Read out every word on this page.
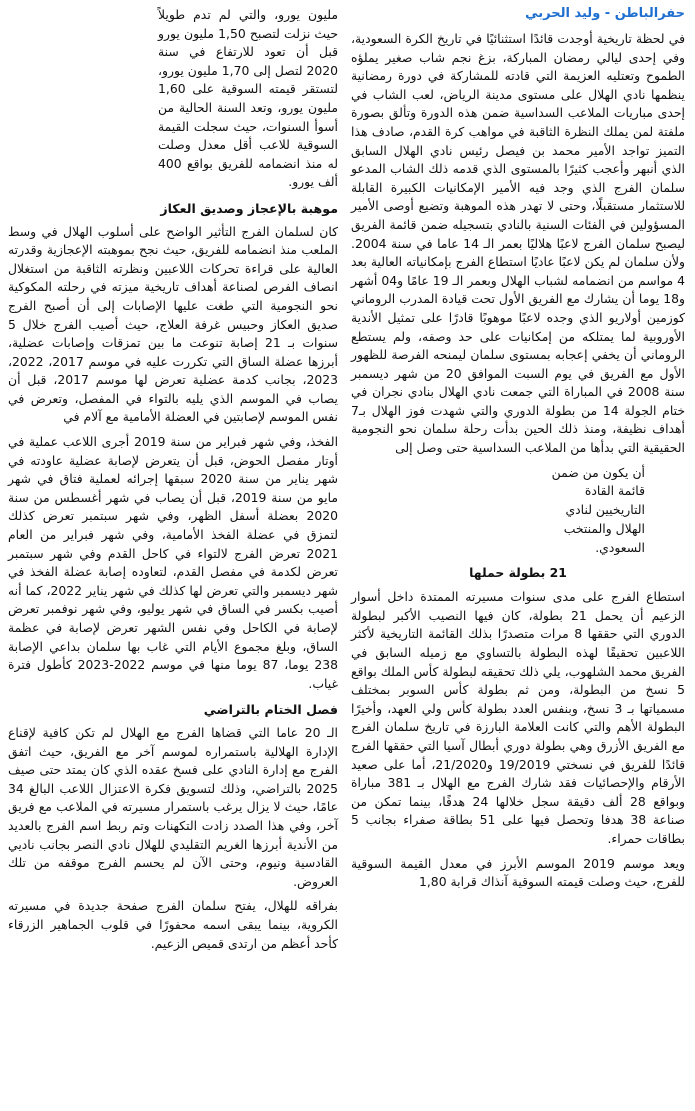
حفرالباطن - وليد الحربي

في لحظة تاريخية أوجدت قائدًا استثنائيًا في تاريخ الكرة السعودية، وفي إحدى ليالي رمضان المباركة، بزغ نجم شاب صغير يملؤه الطموح وتعتليه العزيمة التي قادته للمشاركة في دورة رمضانية ينظمها نادي الهلال على مستوى مدينة الرياض، لعب الشاب في إحدى مباريات الملاعب السداسية ضمن هذه الدورة وتألق بصورة ملفتة لمن يملك النظرة الثاقبة في مواهب كرة القدم، صادف هذا التميز تواجد الأمير محمد بن فيصل رئيس نادي الهلال السابق الذي أنبهر وأعجب كثيرًا بالمستوى الذي قدمه ذلك الشاب المدعو سلمان الفرج الذي وجد فيه الأمير الإمكانيات الكبيرة القابلة للاستثمار مستقبلًا، وحتى لا تهدر هذه الموهبة وتضيع أوصى الأمير المسؤولين في الفئات السنية بالنادي بتسجيله ضمن قائمة الفريق ليصبح سلمان الفرج لاعبًا هلاليًا بعمر الـ 14 عاما في سنة 2004. ولأن سلمان لم يكن لاعبًا عاديًا استطاع الفرج بإمكانياته العالية بعد 4 مواسم من انضمامه لشباب الهلال وبعمر الـ 19 عامًا و04 أشهر و18 يوما أن يشارك مع الفريق الأول تحت قيادة المدرب الروماني كوزمين أولاريو الذي وجده لاعبًا موهوبًا قادرًا على تمثيل الأندية الأوروبية لما يمتلكه من إمكانيات على حد وصفه، ولم يستطع الروماني أن يخفي إعجابه بمستوى سلمان ليمنحه الفرصة للظهور الأول مع الفريق في يوم السبت الموافق 20 من شهر ديسمبر سنة 2008 في المباراة التي جمعت نادي الهلال بنادي نجران في ختام الجولة 14 من بطولة الدوري والتي شهدت فوز الهلال بـ7 أهداف نظيفة، ومنذ ذلك الحين بدأت رحلة سلمان نحو النجومية الحقيقية التي بدأها من الملاعب السداسية حتى وصل إلى

أن يكون من ضمن قائمة القادة التاريخيين لنادي الهلال والمنتخب السعودي.

21 بطولة حملها

استطاع الفرج على مدى سنوات مسيرته الممتدة داخل أسوار الزعيم أن يحمل 21 بطولة، كان فيها النصيب الأكبر لبطولة الدوري التي حققها 8 مرات متصدرًا بذلك القائمة التاريخية لأكثر اللاعبين تحقيقًا لهذه البطولة بالتساوي مع زميله السابق في الفريق محمد الشلهوب، يلي ذلك تحقيقه لبطولة كأس الملك بواقع 5 نسخ من البطولة، ومن ثم بطولة كأس السوبر بمختلف مسمياتها بـ 3 نسخ، وبنفس العدد بطولة كأس ولي العهد، وأخيرًا البطولة الأهم والتي كانت العلامة البارزة في تاريخ سلمان الفرج مع الفريق الأزرق وهي بطولة دوري أبطال آسيا التي حققها الفرج قائدًا للفريق في نسختي 19/2019 و21/2020، أما على صعيد الأرقام والإحصائيات فقد شارك الفرج مع الهلال بـ 381 مباراة وبواقع 28 ألف دقيقة سجل خلالها 24 هدفًا، بينما تمكن من صناعة 38 هدفا وتحصل فيها على 51 بطاقة صفراء بجانب 5 بطاقات حمراء.

ويعد موسم 2019 الموسم الأبرز في معدل القيمة السوقية للفرج، حيث وصلت قيمته السوقية آنذاك قرابة 1,80

مليون يورو، والتي لم تدم طويلاً حيث نزلت لتصبح 1,50 مليون يورو قبل أن تعود للارتفاع في سنة 2020 لتصل إلى 1,70 مليون يورو، لتستقر قيمته السوقية على 1,60 مليون يورو، وتعد السنة الحالية من أسوأ السنوات، حيث سجلت القيمة السوقية للاعب أقل معدل وصلت له منذ انضمامه للفريق بواقع 400 ألف يورو.

موهبة بالإعجاز وصديق العكاز

كان لسلمان الفرج التأثير الواضح على أسلوب الهلال في وسط الملعب منذ انضمامه للفريق، حيث نجح بموهبته الإعجازية وقدرته العالية على قراءة تحركات اللاعبين ونظرته الثاقبة من استغلال انصاف الفرص لصناعة أهداف تاريخية ميزته في رحلته المكوكية نحو النجومية التي طغت عليها الإصابات إلى أن أصبح الفرج صديق العكاز وحبيس غرفة العلاج، حيث أصيب الفرج خلال 5 سنوات بـ 21 إصابة تنوعت ما بين تمزقات وإصابات عضلية، أبرزها عضلة الساق التي تكررت عليه في موسم 2017، 2022، 2023، بجانب كدمة عضلية تعرض لها موسم 2017، قبل أن يصاب في الموسم الذي يليه بالتواء في المفصل، وتعرض في نفس الموسم لإصابتين في العضلة الأمامية مع آلام في

الفخذ، وفي شهر فبراير من سنة 2019 أجرى اللاعب عملية في أوتار مفصل الحوض، قبل أن يتعرض لإصابة عضلية عاودته في شهر يناير من سنة 2020 سبقها إجرائه لعملية فتاق في شهر مايو من سنة 2019، قبل أن يصاب في شهر أغسطس من سنة 2020 بعضلة أسفل الظهر، وفي شهر سبتمبر تعرض كذلك لتمزق في عضلة الفخذ الأمامية، وفي شهر فبراير من العام 2021 تعرض الفرج لالتواء في كاحل القدم وفي شهر سبتمبر تعرض لكدمة في مفصل القدم، لتعاوده إصابة عضلة الفخذ في شهر ديسمبر والتي تعرض لها كذلك في شهر يناير 2022، كما أنه أصيب بكسر في الساق في شهر يوليو، وفي شهر نوفمبر تعرض لإصابة في الكاحل وفي نفس الشهر تعرض لإصابة في عظمة الساق، وبلغ مجموع الأيام التي غاب بها سلمان بداعي الإصابة 238 يوما، 87 يوما منها في موسم 2022-2023 كأطول فترة غياب.

فصل الختام بالتراضي

الـ 20 عاما التي قضاها الفرج مع الهلال لم تكن كافية لإقناع الإدارة الهلالية باستمراره لموسم آخر مع الفريق، حيث اتفق الفرج مع إدارة النادي على فسخ عقده الذي كان يمتد حتى صيف 2025 بالتراضي، وذلك لتسويق فكرة الاعتزال اللاعب البالغ 34 عامًا، حيث لا يزال يرغب باستمرار مسيرته في الملاعب مع فريق آخر، وفي هذا الصدد زادت التكهنات وتم ربط اسم الفرج بالعديد من الأندية أبرزها الغريم التقليدي للهلال نادي النصر بجانب ناديي القادسية ونيوم، وحتى الآن لم يحسم الفرج موقفه من تلك العروض.

بفراقه للهلال، يفتح سلمان الفرج صفحة جديدة في مسيرته الكروية، بينما يبقى اسمه محفورًا في قلوب الجماهير الزرقاء كأحد أعظم من ارتدى قميص الزعيم.
